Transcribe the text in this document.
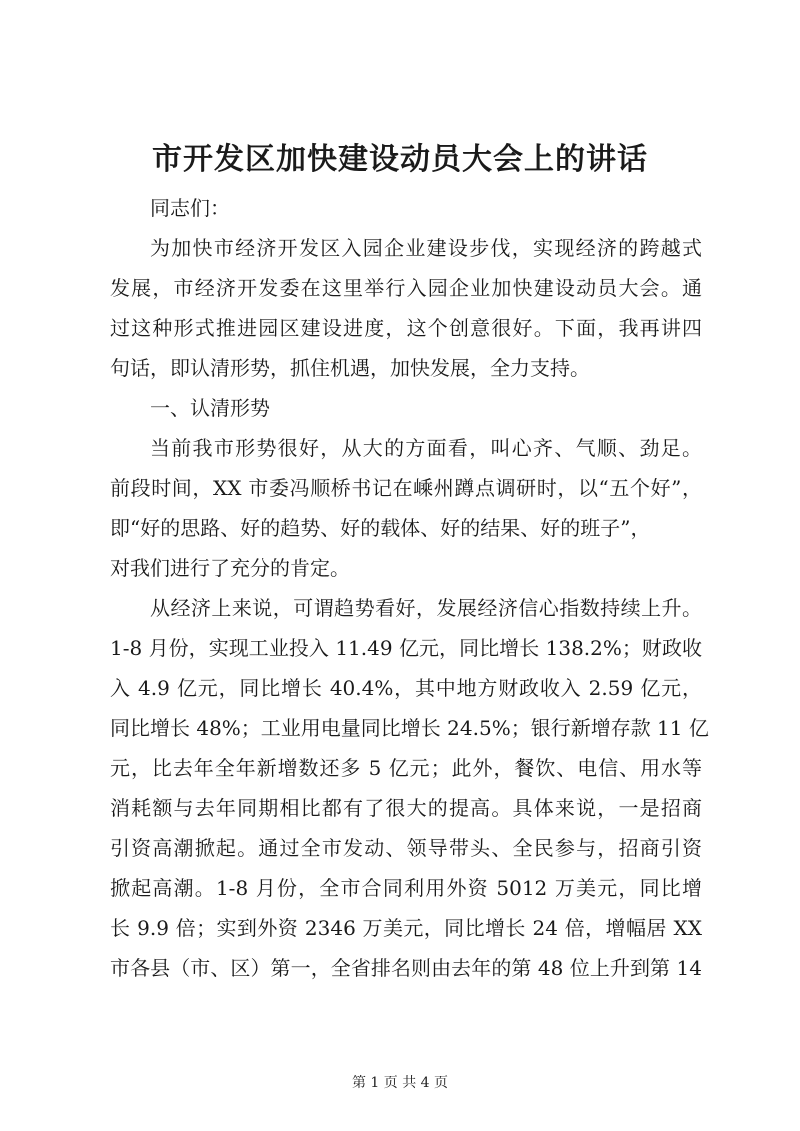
市开发区加快建设动员大会上的讲话
同志们：
为加快市经济开发区入园企业建设步伐，实现经济的跨越式
发展，市经济开发委在这里举行入园企业加快建设动员大会。通
过这种形式推进园区建设进度，这个创意很好。下面，我再讲四
句话，即认清形势，抓住机遇，加快发展，全力支持。
一、认清形势
当前我市形势很好，从大的方面看，叫心齐、气顺、劲足。
前段时间，XX 市委冯顺桥书记在嵊州蹲点调研时，以“五个好”，
即“好的思路、好的趋势、好的载体、好的结果、好的班子”，
对我们进行了充分的肯定。
从经济上来说，可谓趋势看好，发展经济信心指数持续上升。
1-8 月份，实现工业投入 11.49 亿元，同比增长 138.2%；财政收
入 4.9 亿元，同比增长 40.4%，其中地方财政收入 2.59 亿元，
同比增长 48%；工业用电量同比增长 24.5%；银行新增存款 11 亿
元，比去年全年新增数还多 5 亿元；此外，餐饮、电信、用水等
消耗额与去年同期相比都有了很大的提高。具体来说，一是招商
引资高潮掀起。通过全市发动、领导带头、全民参与，招商引资
掀起高潮。1-8 月份，全市合同利用外资 5012 万美元，同比增
长 9.9 倍；实到外资 2346 万美元，同比增长 24 倍，增幅居 XX
市各县（市、区）第一，全省排名则由去年的第 48 位上升到第 14
第 1 页 共 4 页
